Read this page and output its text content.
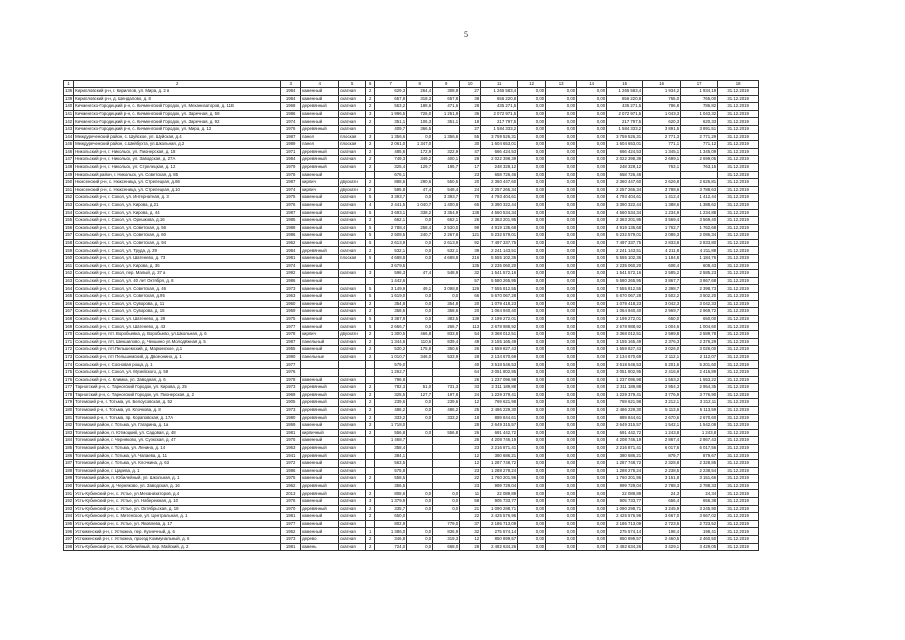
5
1	2	3	4	5	6	7	8	9	10	11	12	13	14	15	16	17	18
136	Кирилловский р-н, г. Кириллов, ул. Мира, д. 2 в	1984	каменный	скатная	2	629,3	264,4	308,9	27	1 265 583,4	0,00	0,00	0,00	1 265 583,4	1 934,2	1 934,19	31.12.2019
139	Кирилловский р-н, д. Шендалово, д. 8	1984	каменный	скатная	2	657,8	318,3	657,8	38	656 220,8	0,00	0,00	0,00	656 220,8	765,0	765,00	31.12.2019
140	Кичменгско-Городецкий р-н, с. Кичменгский Городок, ул. Механизаторов, д. 11В	1968	деревянный	скатная	2	553,2	188,6	471,6	28	435 271,5	0,00	0,00	0,00	435 271,5	786,8	786,82	31.12.2019
141	Кичменгско-Городецкий р-н, с. Кичменгский Городок, ул. Заречная, д. 59	1986	каменный	скатная	3	1 996,5	726,0	1 251,9	36	2 072 971,5	0,00	0,00	0,00	2 072 971,5	1 043,3	1 043,32	31.12.2019
142	Кичменгско-Городецкий р-н, с. Кичменгский Городок, ул. Заречная, д. 92	1974	каменный	скатная	2	351,1	106,3	351,1	18	217 797,5	0,00	0,00	0,00	217 797,5	620,3	620,33	31.12.2019
143	Кичменгско-Городецкий р-н, с. Кичменгский Городок, ул. Мира, д. 12	1976	деревянный	скатная		409,7	366,5		27	1 584 333,2	0,00	0,00	0,00	1 584 333,2	3 891,5	3 891,51	31.12.2019
144	Междуреченский район, с. Шуйское, ул. Шуйская, д.4	1987	панел	плоская	3	1 356,6	0,0	1 356,6	55	3 759 526,31	0,00	0,00	0,00	3 759 526,31	2 771,3	2 771,29	31.12.2019
145	Междуреченский район, с.Шейбухта, ул.Школьная, д.2	1989	панел	плоская	2	2 061,0	1 347,0		30	1 604 653,01	0,00	0,00	0,00	1 604 653,01	771,1	771,12	31.12.2019
146	Никольский р-н, г. Никольск, ул. Пионерская, д. 18	1971	деревянный	скатная	2	485,6	172,9	322,9	47	666 424,53	0,00	0,00	0,00	666 424,53	1 345,1	1 345,09	31.12.2019
147	Никольский р-н, г. Никольск, ул. Заводская, д. 27А	1984	деревянный	скатная	2	749,3	349,2	400,1	28	2 022 398,39	0,00	0,00	0,00	2 022 398,39	2 699,1	2 699,05	31.12.2019
148	Никольский р-н, г. Никольск, ул. Стрелецкая, д. 12	1979	деревянный	скатная	2	325,4	129,7	195,7	17	248 328,12	0,00	0,00	0,00	248 328,12	763,1	763,15	31.12.2019
149	Никольский район, г. Никольск, ул. Советская, д. 85	1978	каменный			676,1			23	658 726,46	0,00	0,00	0,00	658 726,46			31.12.2019
150	Нюксенский р-н, с. Нюксеница, ул. Стрелецкая, д.86	1987	кирпич	двускатн	2	888,6	290,6	550,5	20	2 360 447,60	0,00	0,00	0,00	2 360 447,60	2 626,8	2 626,81	31.12.2019
151	Нюксенский р-н, с. Нюксеница, ул. Стрелецкая, д.10	1974	кирпич	двускатн	2	595,8	47,4	548,4	24	2 257 265,34	0,00	0,00	0,00	2 257 265,34	3 788,6	3 788,63	31.12.2019
152	Сокольский р-н, г. Сокол, ул. Интернатная, д. 3	1975	каменный	скатная	5	3 393,7	0,0	3 393,7	70	4 793 404,61	0,00	0,00	0,00	4 793 404,61	1 412,4	1 412,44	31.12.2019
153	Сокольский р-н, г. Сокол, ул. Кирова, д.21	1976	каменный	скатная	4	2 441,5	1 040,7	1 400,8	65	3 390 322,44	0,00	0,00	0,00	3 390 322,44	1 388,6	1 388,62	31.12.2019
154	Сокольский р-н, г. Сокол, ул. Кирова, д. 44	1987	каменный	скатная	5	3 693,1	338,2	3 354,9	138	4 560 534,34	0,00	0,00	0,00	4 560 534,34	1 234,9	1 234,88	31.12.2019
155	Сокольский р-н, г. Сокол, ул. Орешкова, д.16	1985	каменный	скатная	2	662,1	0,0	662,1	26	2 363 201,95	0,00	0,00	0,00	2 363 201,95	3 569,4	3 569,40	31.12.2019
156	Сокольский р-н, г. Сокол, ул. Советская, д. 56	1988	каменный	скатная	5	2 788,4	258,4	2 530,0	99	4 919 135,68	0,00	0,00	0,00	4 919 135,68	1 762,7	1 762,68	31.12.2019
157	Сокольский р-н, г. Сокол, ул. Советская, д. 60	1986	каменный	скатная	5	2 508,5	240,7	2 267,8	121	5 232 579,01	0,00	0,00	0,00	5 232 579,01	2 086,3	2 086,34	31.12.2019
158	Сокольский р-н, г. Сокол, ул. Советская, д. 94	1962	каменный	скатная	5	2 613,9	0,0	2 613,9	92	7 497 337,75	0,00	0,00	0,00	7 497 337,75	2 833,8	2 833,80	31.12.2019
159	Сокольский р-н, г. Сокол, ул. Труда, д. 29	1984	деревянный	скатная	2	532,1	0,0	532,1	39	2 241 143,51	0,00	0,00	0,00	2 241 143,51	4 211,8	4 211,88	31.12.2019
160	Сокольский р-н, г. Сокол, ул. Шатенево, д. 73	1981	каменный	плоская	5	4 688,8	0,0	4 688,8	216	5 555 102,36	0,00	0,00	0,00	5 555 102,36	1 184,8	1 184,76	31.12.2019
161	Сокольский р-н, г. Сокол, ул. Кирова, д. 36	1974	каменный			3 679,5			135	2 235 060,20	0,00	0,00	0,00	2 235 060,20	608,4	608,43	31.12.2019
162	Сокольский р-н, г. Сокол, пер. Малый, д. 37 а	1992	каменный	скатная	3	596,3	47,4	548,9	32	1 541 572,16	0,00	0,00	0,00	1 541 572,16	2 585,2	2 585,23	31.12.2019
163	Сокольский р-н, г. Сокол, ул. 40 лет Октября, д. 8	1986	каменный			1 442,6			57	5 580 265,95	0,00	0,00	0,00	5 580 265,95	3 867,7	3 867,68	31.12.2019
164	Сокольский р-н, г. Сокол, ул. Советская, д. 46	1973	каменный	скатная	5	3 149,9	49,1	3 098,8	126	7 555 812,55	0,00	0,00	0,00	7 555 812,55	2 398,7	2 398,73	31.12.2019
165	Сокольский р-н, г. Сокол, ул. Советская, д.95	1963	каменный	скатная	5	1 619,0	0,0	0,0	66	5 670 067,28	0,00	0,00	0,00	5 670 067,28	3 502,2	3 502,20	31.12.2019
166	Сокольский р-н, г. Сокол, ул. Суворова, д. 11	1960	каменный	скатная	2	354,8	0,0	354,8	20	1 079 418,23	0,00	0,00	0,00	1 079 418,23	3 042,3	3 042,33	31.12.2019
167	Сокольский р-н, г. Сокол, ул. Суворова, д. 15	1959	каменный	скатная	2	358,6	0,0	358,6	20	1 064 940,40	0,00	0,00	0,00	1 064 940,40	2 969,7	2 969,72	31.12.2019
168	Сокольский р-н, г. Сокол, ул. Шатенево, д. 29	1975	каменный	скатная	5	3 387,9	0,0	383,5	139	2 199 272,01	0,00	0,00	0,00	2 199 272,01	650,0	650,00	31.12.2019
169	Сокольский р-н, г. Сокол, ул. Шатенево, д. 43	1977	каменный	скатная	5	2 666,7	0,0	266,7	113	2 678 988,92	0,00	0,00	0,00	2 678 988,92	1 004,6	1 004,60	31.12.2019
170	Сокольский р-н, пгт. Воробьевка, д. Воробьево, ул.Школьная, д. 6	1978	кирпич	двускатн	2	1 300,5	466,8	833,8	54	3 368 012,51	0,00	0,00	0,00	3 368 012,51	2 589,8	2 589,78	31.12.2019
171	Сокольский р-н, пгт. Шекшилово, д. Чекшино ул.Молодёжная д. 5	1987	панельный	скатная	2	1 344,6	110,6	839,4	49	3 155 165,49	0,00	0,00	0,00	3 155 165,49	2 376,3	2 376,29	31.12.2019
172	Сокольский р-н, пгт.Пельшемский, д. Маркинское, д.1	1955	каменный	скатная	2	530,2	175,8	350,6	26	1 559 827,43	0,00	0,00	0,00	1 559 827,43	3 026,0	3 026,00	31.12.2019
173	Сокольский р-н, пгт Пельшемский, д. Двоеонино, д. 1	1990	панельные	скатная	2	1 010,7	346,0	533,9	28	2 134 670,69	0,00	0,00	0,00	2 134 670,69	2 112,1	2 112,07	31.12.2019
174	Сокольский р-н, г. Сосновая роща, д. 1	1977				579,0			40	3 518 546,53	0,00	0,00	0,00	3 518 546,53	5 201,6	5 201,60	31.12.2019
175	Сокольский р-н, г. Сокол, ул. Музейского, д. 59	1976				1 262,7			64	3 051 802,95	0,00	0,00	0,00	3 051 802,95	2 416,9	2 416,89	31.12.2019
176	Сокольский р-н, с. Климка, ул. Заводная, д. 6	1978	каменный	скатная		796,8			26	1 237 096,98	0,00	0,00	0,00	1 237 096,98	1 553,2	1 553,22	31.12.2019
177	Тарногский р-н, с. Тарногский Городок, ул. Кирова, д. 25	1973	деревянный	скатная	2	782,3	51,0	731,3	33	2 311 189,88	0,00	0,00	0,00	2 311 189,88	2 954,3	2 954,35	31.12.2019
178	Тарногский р-н, с. Тарногский Городок, ул. Пионерская, д. 2	1969	деревянный	скатная	2	325,5	127,7	197,8	24	1 229 379,41	0,00	0,00	0,00	1 229 379,41	3 776,9	3 776,90	31.12.2019
179	Тотемский р-н, г. Тотьма, ул. Белоусовская, д. 52	1905	деревянный	скатная	2	239,6	0,0	239,6	12	769 621,98	0,00	0,00	0,00	769 621,98	3 212,1	3 212,11	31.12.2019
180	Тотемский р-н, г. Тотьма, ул. Клочкова, д. 8	1973	деревянный	скатная	2	486,2	0,0	486,2	25	2 486 229,30	0,00	0,00	0,00	2 486 229,30	5 113,6	5 113,59	31.12.2019
181	Тотемский р-н, г. Тотьма, пр. Кораповская, д. 17А	1980	деревянный	скатная	2	333,2	0,0	333,2	18	889 844,61	0,00	0,00	0,00	889 844,61	2 670,6	2 670,60	31.12.2019
182	Тотемский район, г. Тотьма, ул. Гагарина, д. 1а	1869	каменный	скатная	2	1 718,0			28	2 649 315,57	0,00	0,00	0,00	2 649 315,57	1 542,1	1 542,08	31.12.2019
183	Тотемский район, п. Ютмоцкий, ул. Садовая, д. 48	1981	кирпичный	скатная	2	556,8	0,0	556,8	26	691 442,72	0,00	0,00	0,00	691 442,72	1 243,8	1 243,8	31.12.2019
184	Тотемский район, г. Черняково, ул. Суэкская, д. 47	1975	каменный	скатная		1 468,7			26	4 208 746,19	0,00	0,00	0,00	4 208 746,19	2 867,4	2 867,43	31.12.2019
185	Тотемский район, г. Тотьма, ул. Ленина, д. 14	1963	деревянный	скатная		358,4			23	2 216 871,41	0,00	0,00	0,00	2 216 871,41	6 017,6	6 017,56	31.12.2019
186	Тотемский район, г. Тотьма, ул. Чапаева, д. 11	1941	деревянный	скатная		384,1			12	380 686,21	0,00	0,00	0,00	380 686,21	879,7	879,67	31.12.2019
187	Тотемский район, г. Тотьма, ул. Клочкина, д. 63	1972	каменный	скатная		563,5			12	1 287 748,72	0,00	0,00	0,00	1 287 748,72	2 328,8	2 328,85	31.12.2019
188	Тотемский район, г. Царева, д. 1	1986	каменный	скатная		575,8			23	1 288 278,24	0,00	0,00	0,00	1 288 278,24	2 238,5	2 238,54	31.12.2019
189	Тотемский район, п. Юбилейный, ул. Школьная, д. 1	1975	каменный	скатная	2	558,5			22	1 760 201,96	0,00	0,00	0,00	1 760 201,96	3 151,8	3 151,66	31.12.2019
190	Тотемский район, д. Черняково, ул. Заводская, д. 16	1962	деревянный	скатная		356,5			23	999 729,04	0,00	0,00	0,00	999 729,04	2 788,3	2 788,33	31.12.2019
191	Усть-Кубинский р-н, с. Устье, ул.Механизаторов, д.4	2013	деревянный	скатная	2	808,6	0,0	0,0	11	22 089,89	0,00	0,00	0,00	22 089,89	24,3	24,34	31.12.2019
192	Усть-Кубинский р-н, с. Устье, ул. Набережная, д. 10	1976	каменный	скатная	3	1 379,9	0,0	0,0	58	905 733,77	0,00	0,00	0,00	905 733,77	656,4	656,38	31.12.2019
193	Усть-Кубинский р-н, с. Устье, ул. Октябрьская, д. 18	1970	деревянный	скатная	2	335,7	0,0	0,0	21	1 090 298,71	0,00	0,00	0,00	1 090 298,71	3 245,9	3 245,90	31.12.2019
194	Усть-Кубинский р-н, с. Митенское, ул. Центральная, д. 1	1981	каменный	скатная	2	650,0			22	2 425 576,96	0,00	0,00	0,00	2 425 576,96	3 667,0	3 667,02	31.12.2019
195	Усть-Кубинский р-н, с. Устье, ул. Яковлева, д. 17	1977	каменный	скатная		802,9		779,0	37	2 186 713,09	0,00	0,00	0,00	2 186 713,09	2 723,5	2 723,52	31.12.2019
196	Устюженский р-н, г. Устюжна, пер. Кузнечный, д. 6	1962	каменный	скатная	1	1 386,0	0,0	836,9	32	275 574,14	0,00	0,00	0,00	275 574,14	198,4	198,41	31.12.2019
197	Устюженский р-н, г. Устюжна, проезд Коммунальный, д. 6	1973	дерево	скатная	2	346,8	0,0	319,3	12	850 899,57	0,00	0,00	0,00	850 899,57	2 460,5	2 460,50	31.12.2019
198	Усть-Кубинский р-н, пос. Юбилейный, пер. Майский, д. 2	1981	камень	скатная	2	724,0	0,0	668,0	28	2 482 634,26	0,00	0,00	0,00	2 482 634,26	3 429,1	3 429,05	31.12.2019
